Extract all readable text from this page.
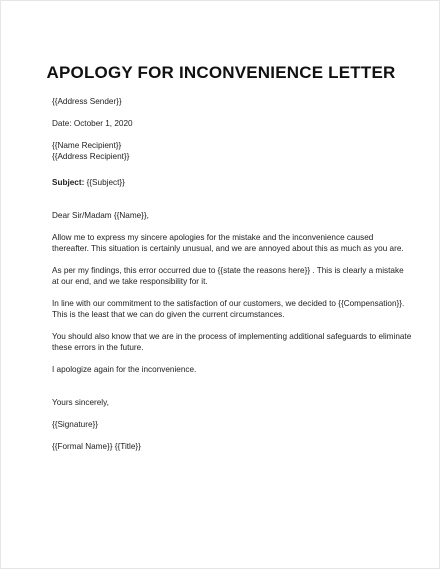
APOLOGY FOR INCONVENIENCE LETTER

{{Address Sender}}

Date: October 1, 2020

{{Name Recipient}}

{{Address Recipient}}

Subject: {{Subject}}

Dear Sir/Madam {{Name}},

Allow me to express my sincere apologies for the mistake and the inconvenience caused thereafter. This situation is certainly unusual, and we are annoyed about this as much as you are.

As per my findings, this error occurred due to {{state the reasons here}} . This is clearly a mistake at our end, and we take responsibility for it.

In line with our commitment to the satisfaction of our customers, we decided to {{Compensation}}. This is the least that we can do given the current circumstances.

You should also know that we are in the process of implementing additional safeguards to eliminate these errors in the future.

I apologize again for the inconvenience.

Yours sincerely,

{{Signature}}

{{Formal Name}} {{Title}}
